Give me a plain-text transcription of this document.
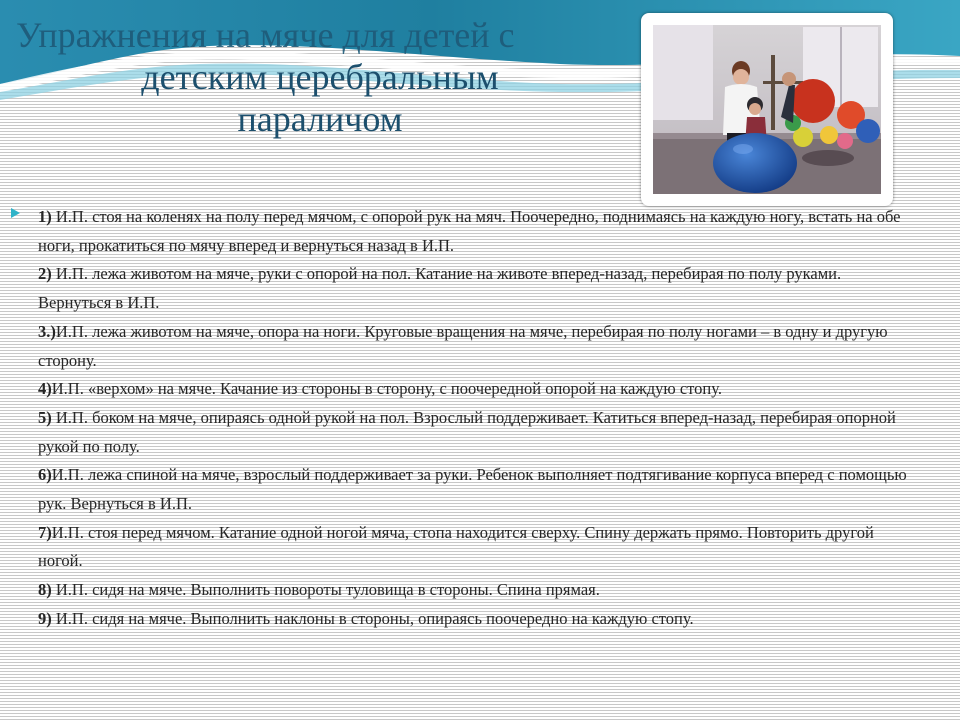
Упражнения на мяче для детей с
детским церебральным
параличом
1) И.П. стоя на коленях на полу перед мячом, с опорой рук на мяч. Поочередно, поднимаясь на каждую ногу, встать на обе ноги, прокатиться по мячу вперед и вернуться назад в И.П.
2) И.П. лежа животом на мяче, руки с опорой на пол. Катание на животе вперед-назад, перебирая по полу руками. Вернуться в И.П.
3.)И.П. лежа животом на мяче, опора на ноги. Круговые вращения на мяче, перебирая по полу ногами – в одну и другую сторону.
4)И.П. «верхом» на мяче. Качание из стороны в сторону, с поочередной опорой на каждую стопу.
5) И.П. боком на мяче, опираясь одной рукой на пол. Взрослый поддерживает. Катиться вперед-назад, перебирая опорной рукой по полу.
6)И.П. лежа спиной на мяче, взрослый поддерживает за руки. Ребенок выполняет подтягивание корпуса вперед с помощью рук. Вернуться в И.П.
7)И.П. стоя перед мячом. Катание одной ногой мяча, стопа находится сверху. Спину держать прямо. Повторить другой ногой.
8) И.П. сидя на мяче. Выполнить повороты туловища в стороны. Спина прямая.
9) И.П. сидя на мяче. Выполнить наклоны в стороны, опираясь поочередно на каждую стопу.
